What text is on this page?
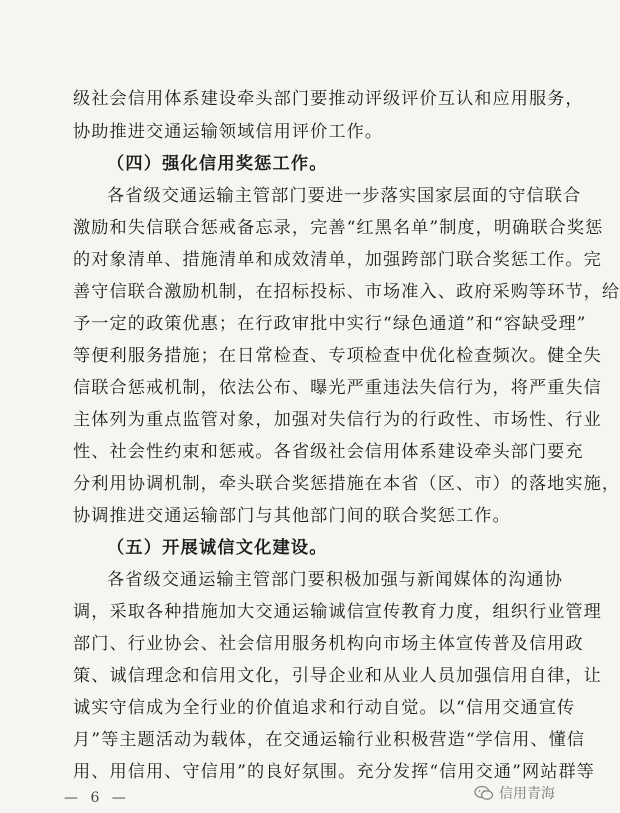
级社会信用体系建设牵头部门要推动评级评价互认和应用服务，
协助推进交通运输领域信用评价工作。
（四）强化信用奖惩工作。
各省级交通运输主管部门要进一步落实国家层面的守信联合
激励和失信联合惩戒备忘录，完善“红黑名单”制度，明确联合奖惩
的对象清单、措施清单和成效清单，加强跨部门联合奖惩工作。完
善守信联合激励机制，在招标投标、市场准入、政府采购等环节，给
予一定的政策优惠；在行政审批中实行“绿色通道”和“容缺受理”
等便利服务措施；在日常检查、专项检查中优化检查频次。健全失
信联合惩戒机制，依法公布、曝光严重违法失信行为，将严重失信
主体列为重点监管对象，加强对失信行为的行政性、市场性、行业
性、社会性约束和惩戒。各省级社会信用体系建设牵头部门要充
分利用协调机制，牵头联合奖惩措施在本省（区、市）的落地实施，
协调推进交通运输部门与其他部门间的联合奖惩工作。
（五）开展诚信文化建设。
各省级交通运输主管部门要积极加强与新闻媒体的沟通协
调，采取各种措施加大交通运输诚信宣传教育力度，组织行业管理
部门、行业协会、社会信用服务机构向市场主体宣传普及信用政
策、诚信理念和信用文化，引导企业和从业人员加强信用自律，让
诚实守信成为全行业的价值追求和行动自觉。以“信用交通宣传
月”等主题活动为载体，在交通运输行业积极营造“学信用、懂信
用、用信用、守信用”的良好氛围。充分发挥“信用交通”网站群等
— 6 —	信用青海
